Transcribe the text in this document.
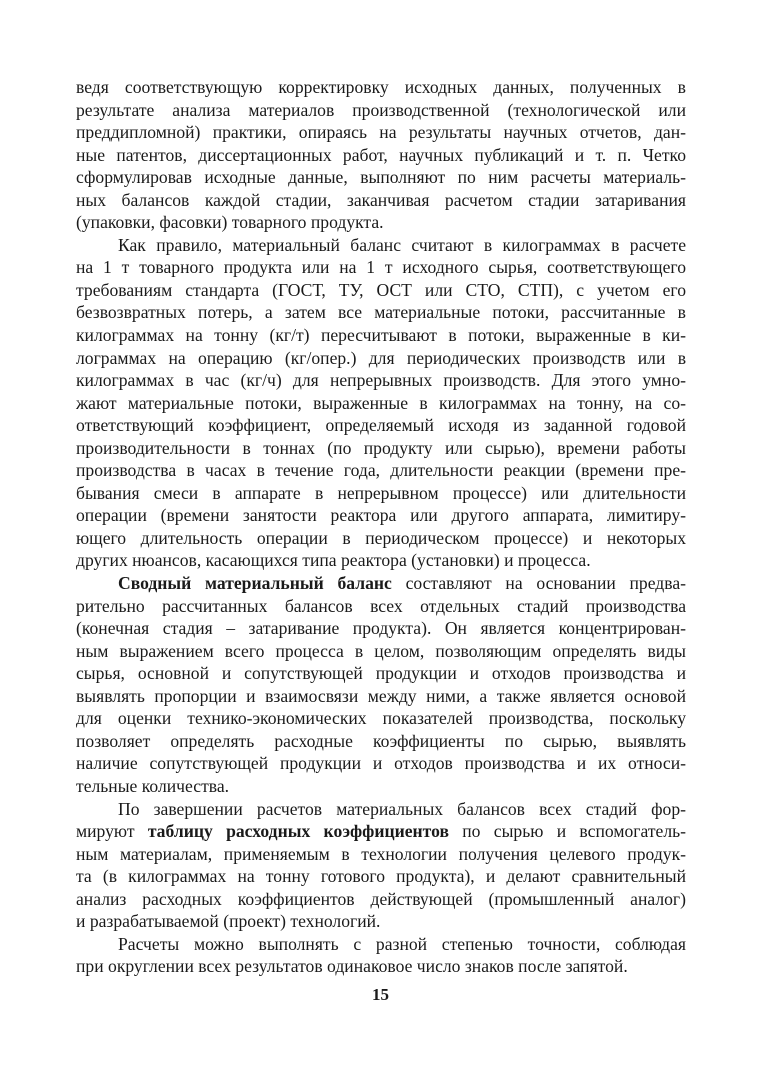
ведя соответствующую корректировку исходных данных, полученных в
результате анализа материалов производственной (технологической или
преддипломной) практики, опираясь на результаты научных отчетов, дан-
ные патентов, диссертационных работ, научных публикаций и т. п. Четко
сформулировав исходные данные, выполняют по ним расчеты материаль-
ных балансов каждой стадии, заканчивая расчетом стадии затаривания
(упаковки, фасовки) товарного продукта.
Как правило, материальный баланс считают в килограммах в расчете
на 1 т товарного продукта или на 1 т исходного сырья, соответствующего
требованиям стандарта (ГОСТ, ТУ, ОСТ или СТО, СТП), с учетом его
безвозвратных потерь, а затем все материальные потоки, рассчитанные в
килограммах на тонну (кг/т) пересчитывают в потоки, выраженные в ки-
лограммах на операцию (кг/опер.) для периодических производств или в
килограммах в час (кг/ч) для непрерывных производств. Для этого умно-
жают материальные потоки, выраженные в килограммах на тонну, на со-
ответствующий коэффициент, определяемый исходя из заданной годовой
производительности в тоннах (по продукту или сырью), времени работы
производства в часах в течение года, длительности реакции (времени пре-
бывания смеси в аппарате в непрерывном процессе) или длительности
операции (времени занятости реактора или другого аппарата, лимитиру-
ющего длительность операции в периодическом процессе) и некоторых
других нюансов, касающихся типа реактора (установки) и процесса.
Сводный материальный баланс составляют на основании предва-
рительно рассчитанных балансов всех отдельных стадий производства
(конечная стадия – затаривание продукта). Он является концентрирован-
ным выражением всего процесса в целом, позволяющим определять виды
сырья, основной и сопутствующей продукции и отходов производства и
выявлять пропорции и взаимосвязи между ними, а также является основой
для оценки технико-экономических показателей производства, поскольку
позволяет определять расходные коэффициенты по сырью, выявлять
наличие сопутствующей продукции и отходов производства и их относи-
тельные количества.
По завершении расчетов материальных балансов всех стадий фор-
мируют таблицу расходных коэффициентов по сырью и вспомогатель-
ным материалам, применяемым в технологии получения целевого продук-
та (в килограммах на тонну готового продукта), и делают сравнительный
анализ расходных коэффициентов действующей (промышленный аналог)
и разрабатываемой (проект) технологий.
Расчеты можно выполнять с разной степенью точности, соблюдая
при округлении всех результатов одинаковое число знаков после запятой.
15
